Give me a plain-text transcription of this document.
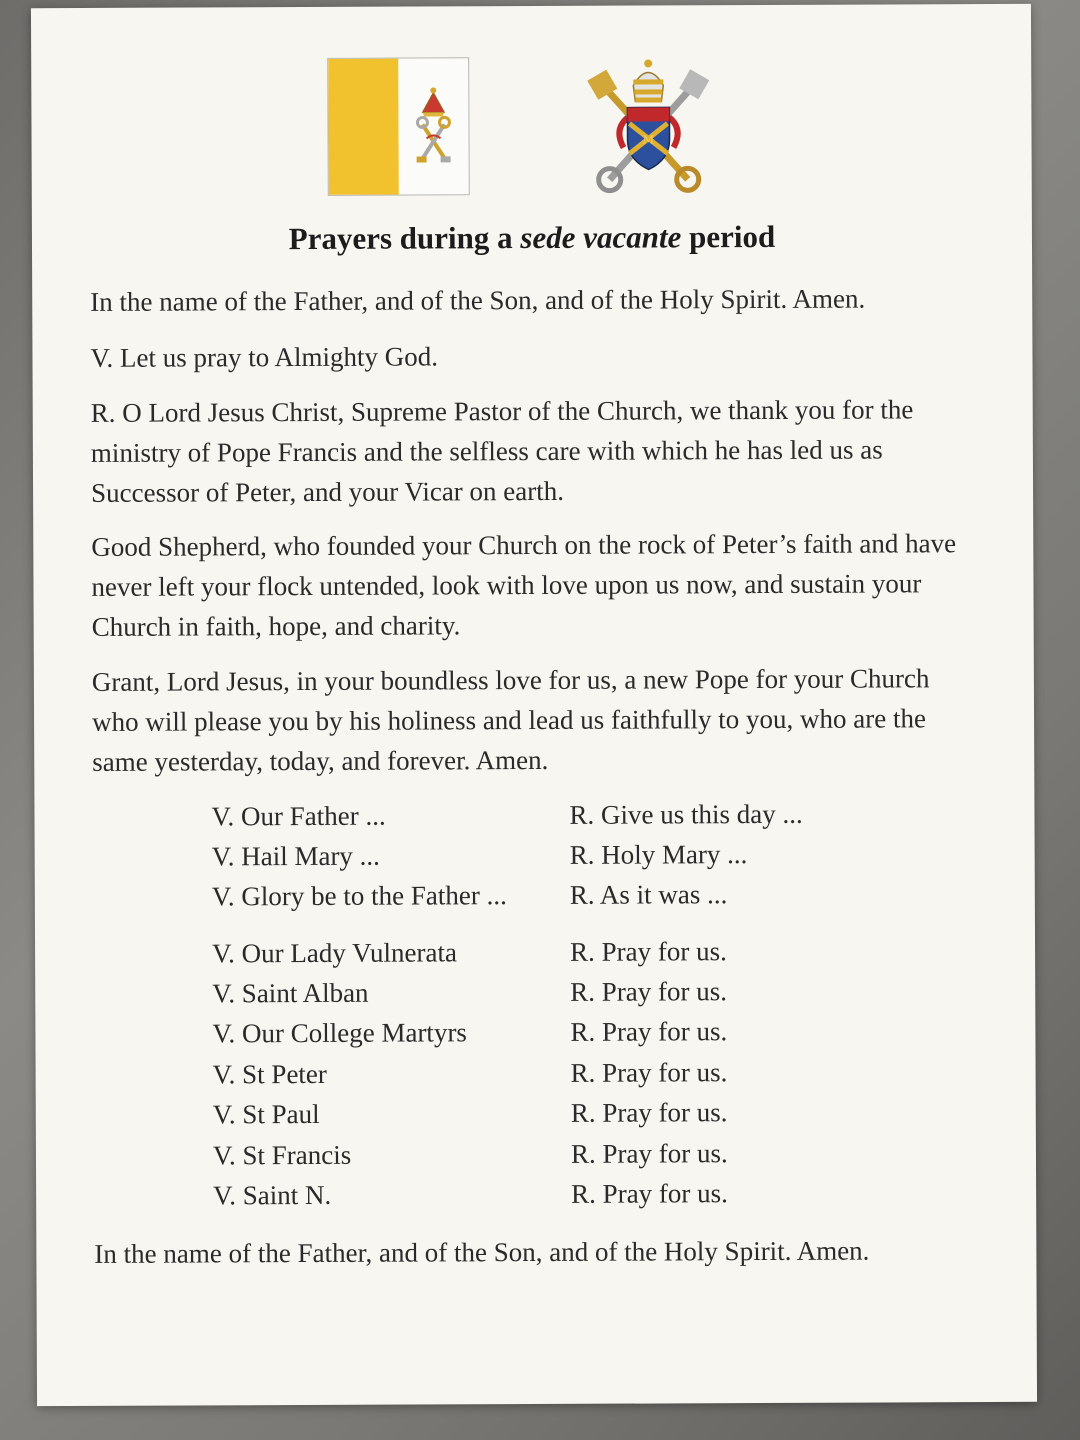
M
Prayers during a sede vacante period
In the name of the Father, and of the Son, and of the Holy Spirit. Amen.
V. Let us pray to Almighty God.
R. O Lord Jesus Christ, Supreme Pastor of the Church, we thank you for the ministry of Pope Francis and the selfless care with which he has led us as Successor of Peter, and your Vicar on earth.
Good Shepherd, who founded your Church on the rock of Peter’s faith and have never left your flock untended, look with love upon us now, and sustain your Church in faith, hope, and charity.
Grant, Lord Jesus, in your boundless love for us, a new Pope for your Church who will please you by his holiness and lead us faithfully to you, who are the same yesterday, today, and forever. Amen.
V. Our Father ...	R. Give us this day ...
V. Hail Mary ...	R. Holy Mary ...
V. Glory be to the Father ... R. As it was ...
V. Our Lady Vulnerata	R. Pray for us.
V. Saint Alban	R. Pray for us.
V. Our College Martyrs	R. Pray for us.
V. St Peter	R. Pray for us.
V. St Paul	R. Pray for us.
V. St Francis	R. Pray for us.
V. Saint N.	R. Pray for us.
In the name of the Father, and of the Son, and of the Holy Spirit. Amen.
